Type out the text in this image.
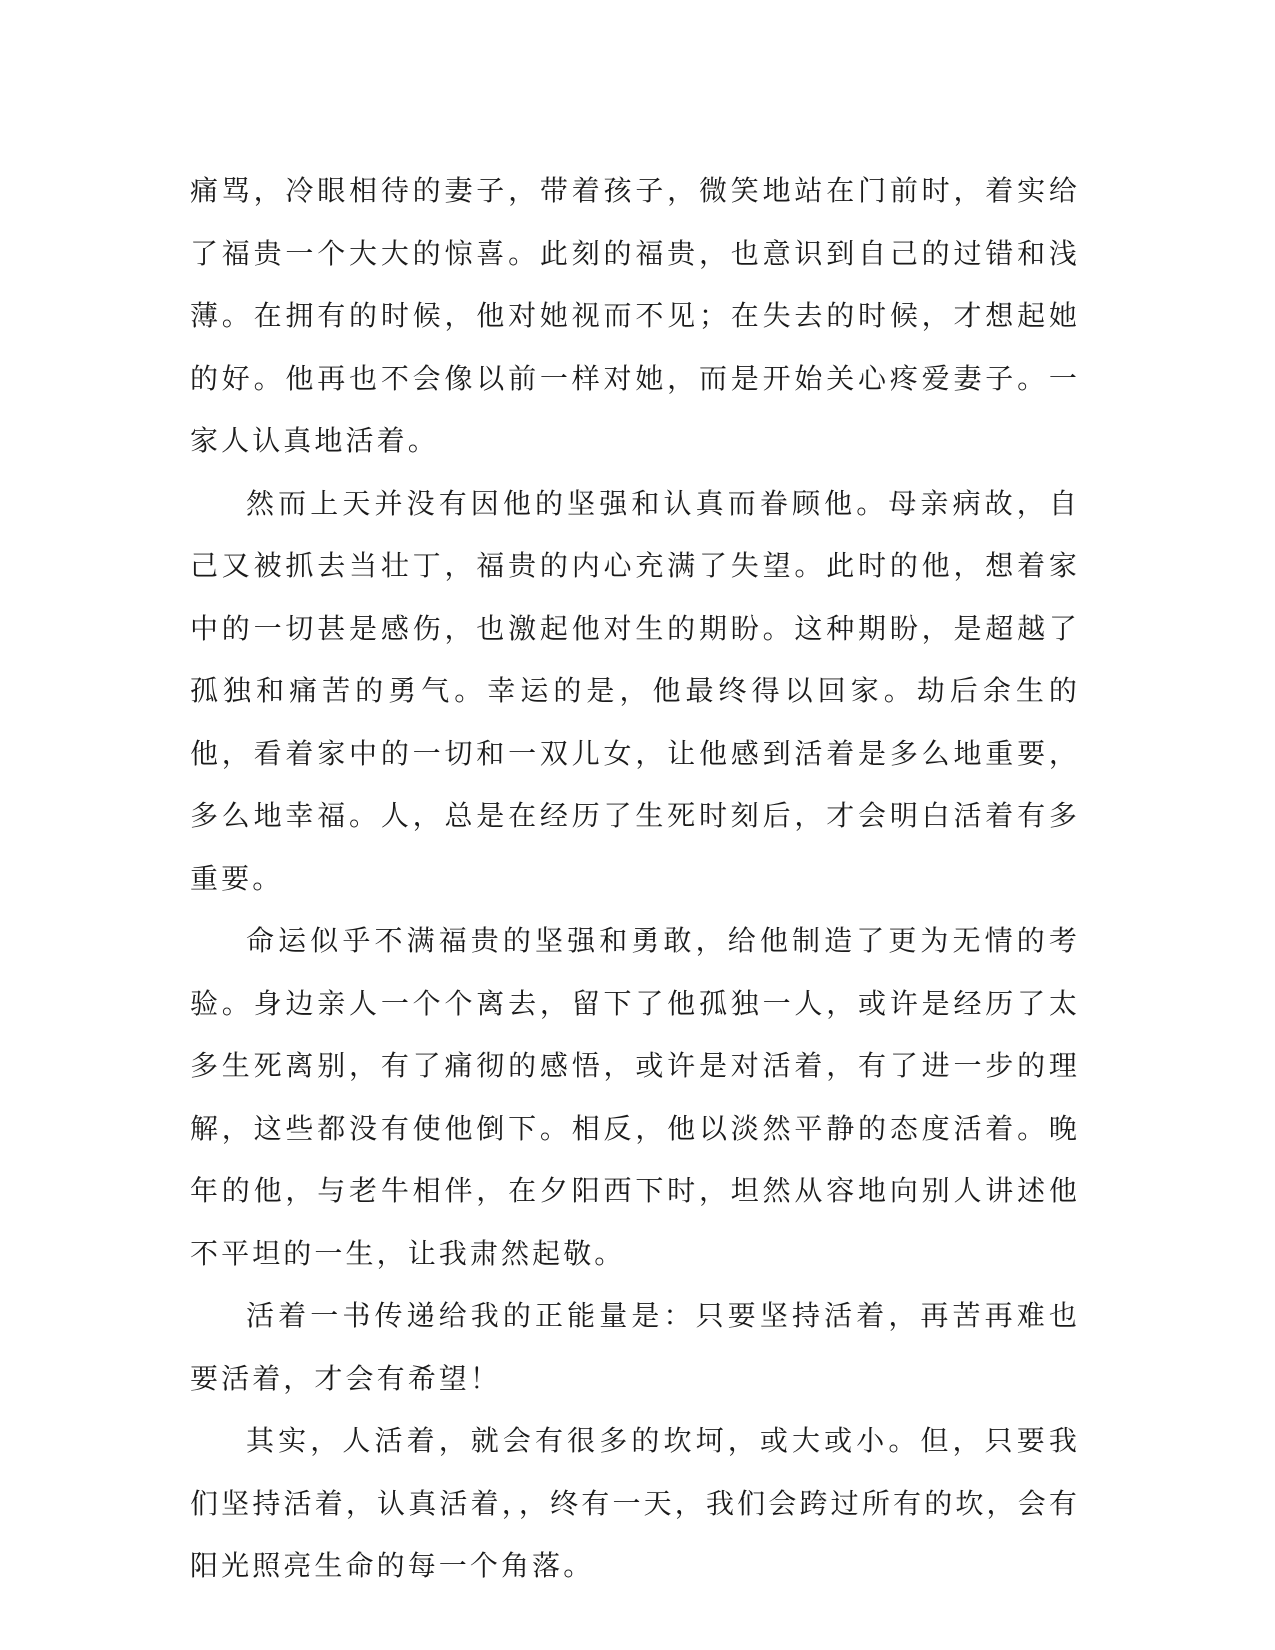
痛骂，冷眼相待的妻子，带着孩子，微笑地站在门前时，着实给了福贵一个大大的惊喜。此刻的福贵，也意识到自己的过错和浅薄。在拥有的时候，他对她视而不见；在失去的时候，才想起她的好。他再也不会像以前一样对她，而是开始关心疼爱妻子。一家人认真地活着。

然而上天并没有因他的坚强和认真而眷顾他。母亲病故，自己又被抓去当壮丁，福贵的内心充满了失望。此时的他，想着家中的一切甚是感伤，也激起他对生的期盼。这种期盼，是超越了孤独和痛苦的勇气。幸运的是，他最终得以回家。劫后余生的他，看着家中的一切和一双儿女，让他感到活着是多么地重要，多么地幸福。人，总是在经历了生死时刻后，才会明白活着有多重要。

命运似乎不满福贵的坚强和勇敢，给他制造了更为无情的考验。身边亲人一个个离去，留下了他孤独一人，或许是经历了太多生死离别，有了痛彻的感悟，或许是对活着，有了进一步的理解，这些都没有使他倒下。相反，他以淡然平静的态度活着。晚年的他，与老牛相伴，在夕阳西下时，坦然从容地向别人讲述他不平坦的一生，让我肃然起敬。

活着一书传递给我的正能量是：只要坚持活着，再苦再难也要活着，才会有希望！

其实，人活着，就会有很多的坎坷，或大或小。但，只要我们坚持活着，认真活着，，终有一天，我们会跨过所有的坎，会有阳光照亮生命的每一个角落。
